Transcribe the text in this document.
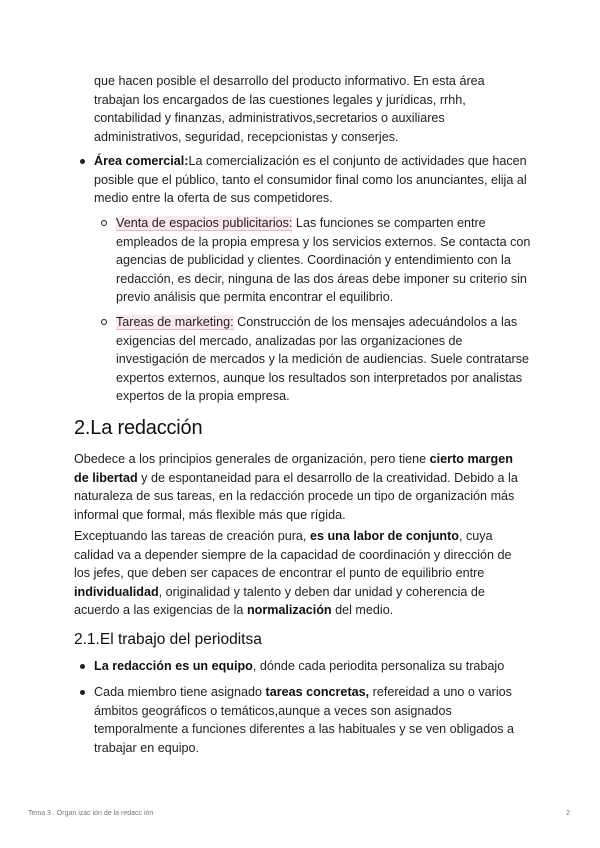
que hacen posible el desarrollo del producto informativo. En esta área
trabajan los encargados de las cuestiones legales y jurídicas, rrhh,
contabilidad y finanzas, administrativos,secretarios o auxiliares
administrativos, seguridad, recepcionistas y conserjes.
Área comercial:La comercialización es el conjunto de actividades que hacen posible que el público, tanto el consumidor final como los anunciantes, elija al medio entre la oferta de sus competidores.
Venta de espacios publicitarios: Las funciones se comparten entre empleados de la propia empresa y los servicios externos. Se contacta con agencias de publicidad y clientes. Coordinación y entendimiento con la redacción, es decir, ninguna de las dos áreas debe imponer su criterio sin previo análisis que permita encontrar el equilibrio.
Tareas de marketing: Construcción de los mensajes adecuándolos a las exigencias del mercado, analizadas por las organizaciones de investigación de mercados y la medición de audiencias. Suele contratarse expertos externos, aunque los resultados son interpretados por analistas expertos de la propia empresa.
2.La redacción

Obedece a los principios generales de organización, pero tiene cierto margen de libertad y de espontaneidad para el desarrollo de la creatividad. Debido a la naturaleza de sus tareas, en la redacción procede un tipo de organización más informal que formal, más flexible más que rígida.

Exceptuando las tareas de creación pura, es una labor de conjunto, cuya calidad va a depender siempre de la capacidad de coordinación y dirección de los jefes, que deben ser capaces de encontrar el punto de equilibrio entre individualidad, originalidad y talento y deben dar unidad y coherencia de acuerdo a las exigencias de la normalización del medio.

2.1.El trabajo del perioditsa
La redacción es un equipo, dónde cada periodita personaliza su trabajo
Cada miembro tiene asignado tareas concretas, refereidad a uno o varios ámbitos geográficos o temáticos,aunque a veces son asignados temporalmente a funciones diferentes a las habituales y se ven obligados a trabajar en equipo.
Tema 3 . Organ izac ión de la redacc ión	2
